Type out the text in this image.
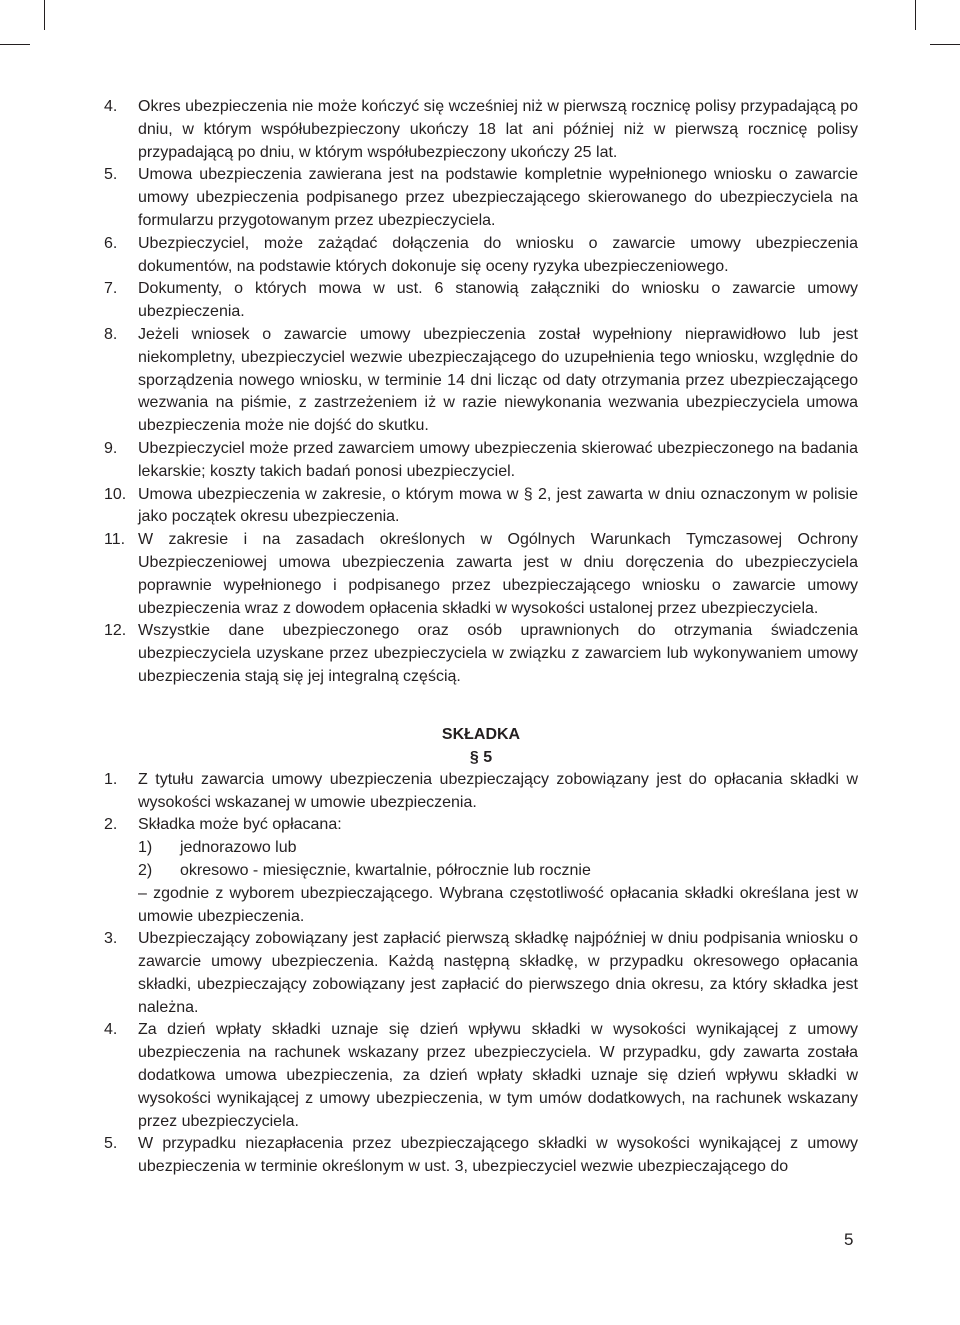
4. Okres ubezpieczenia nie może kończyć się wcześniej niż w pierwszą rocznicę polisy przypadającą po dniu, w którym współubezpieczony ukończy 18 lat ani później niż w pierwszą rocznicę polisy przypadającą po dniu, w którym współubezpieczony ukończy 25 lat.
5. Umowa ubezpieczenia zawierana jest na podstawie kompletnie wypełnionego wniosku o zawarcie umowy ubezpieczenia podpisanego przez ubezpieczającego skierowanego do ubezpieczyciela na formularzu przygotowanym przez ubezpieczyciela.
6. Ubezpieczyciel, może zażądać dołączenia do wniosku o zawarcie umowy ubezpieczenia dokumentów, na podstawie których dokonuje się oceny ryzyka ubezpieczeniowego.
7. Dokumenty, o których mowa w ust. 6 stanowią załączniki do wniosku o zawarcie umowy ubezpieczenia.
8. Jeżeli wniosek o zawarcie umowy ubezpieczenia został wypełniony nieprawidłowo lub jest niekompletny, ubezpieczyciel wezwie ubezpieczającego do uzupełnienia tego wniosku, względnie do sporządzenia nowego wniosku, w terminie 14 dni licząc od daty otrzymania przez ubezpieczającego wezwania na piśmie, z zastrzeżeniem iż w razie niewykonania wezwania ubezpieczyciela umowa ubezpieczenia może nie dojść do skutku.
9. Ubezpieczyciel może przed zawarciem umowy ubezpieczenia skierować ubezpieczonego na badania lekarskie; koszty takich badań ponosi ubezpieczyciel.
10. Umowa ubezpieczenia w zakresie, o którym mowa w § 2, jest zawarta w dniu oznaczonym w polisie jako początek okresu ubezpieczenia.
11. W zakresie i na zasadach określonych w Ogólnych Warunkach Tymczasowej Ochrony Ubezpieczeniowej umowa ubezpieczenia zawarta jest w dniu doręczenia do ubezpieczyciela poprawnie wypełnionego i podpisanego przez ubezpieczającego wniosku o zawarcie umowy ubezpieczenia wraz z dowodem opłacenia składki w wysokości ustalonej przez ubezpieczyciela.
12. Wszystkie dane ubezpieczonego oraz osób uprawnionych do otrzymania świadczenia ubezpieczyciela uzyskane przez ubezpieczyciela w związku z zawarciem lub wykonywaniem umowy ubezpieczenia stają się jej integralną częścią.
SKŁADKA
§ 5
1. Z tytułu zawarcia umowy ubezpieczenia ubezpieczający zobowiązany jest do opłacania składki w wysokości wskazanej w umowie ubezpieczenia.
2. Składka może być opłacana:
1) jednorazowo lub
2) okresowo - miesięcznie, kwartalnie, półrocznie lub rocznie
– zgodnie z wyborem ubezpieczającego. Wybrana częstotliwość opłacania składki określana jest w umowie ubezpieczenia.
3. Ubezpieczający zobowiązany jest zapłacić pierwszą składkę najpóźniej w dniu podpisania wniosku o zawarcie umowy ubezpieczenia. Każdą następną składkę, w przypadku okresowego opłacania składki, ubezpieczający zobowiązany jest zapłacić do pierwszego dnia okresu, za który składka jest należna.
4. Za dzień wpłaty składki uznaje się dzień wpływu składki w wysokości wynikającej z umowy ubezpieczenia na rachunek wskazany przez ubezpieczyciela. W przypadku, gdy zawarta została dodatkowa umowa ubezpieczenia, za dzień wpłaty składki uznaje się dzień wpływu składki w wysokości wynikającej z umowy ubezpieczenia, w tym umów dodatkowych, na rachunek wskazany przez ubezpieczyciela.
5. W przypadku niezapłacenia przez ubezpieczającego składki w wysokości wynikającej z umowy ubezpieczenia w terminie określonym w ust. 3, ubezpieczyciel wezwie ubezpieczającego do
5
